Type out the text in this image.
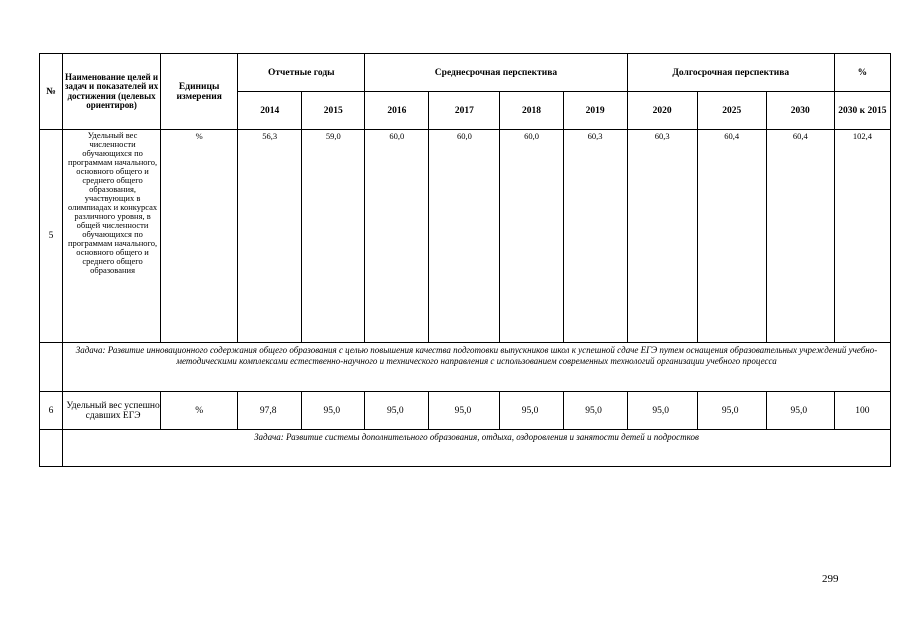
№	Наименование целей и задач и показателей их достижения (целевых ориентиров)	Единицы измерения	Отчетные годы		Среднесрочная перспектива				Долгосрочная перспектива			%
			2014	2015	2016	2017	2018	2019	2020	2025	2030	2030 к 2015
5	Удельный вес численности обучающихся по программам начального, основного общего и среднего общего образования, участвующих в олимпиадах и конкурсах различного уровня, в общей численности обучающихся по программам начального, основного общего и среднего общего образования	%	56,3	59,0	60,0	60,0	60,0	60,3	60,3	60,4	60,4	102,4
	Задача: Развитие инновационного содержания общего образования с целью повышения качества подготовки выпускников школ к успешной сдаче ЕГЭ путем оснащения образовательных учреждений учебно-методическими комплексами естественно-научного и технического направления с использованием современных технологий организации учебного процесса											
6	Удельный вес успешно сдавших ЕГЭ	%	97,8	95,0	95,0	95,0	95,0	95,0	95,0	95,0	95,0	100
	Задача: Развитие системы дополнительного образования, отдыха, оздоровления и занятости детей и подростков											
299
